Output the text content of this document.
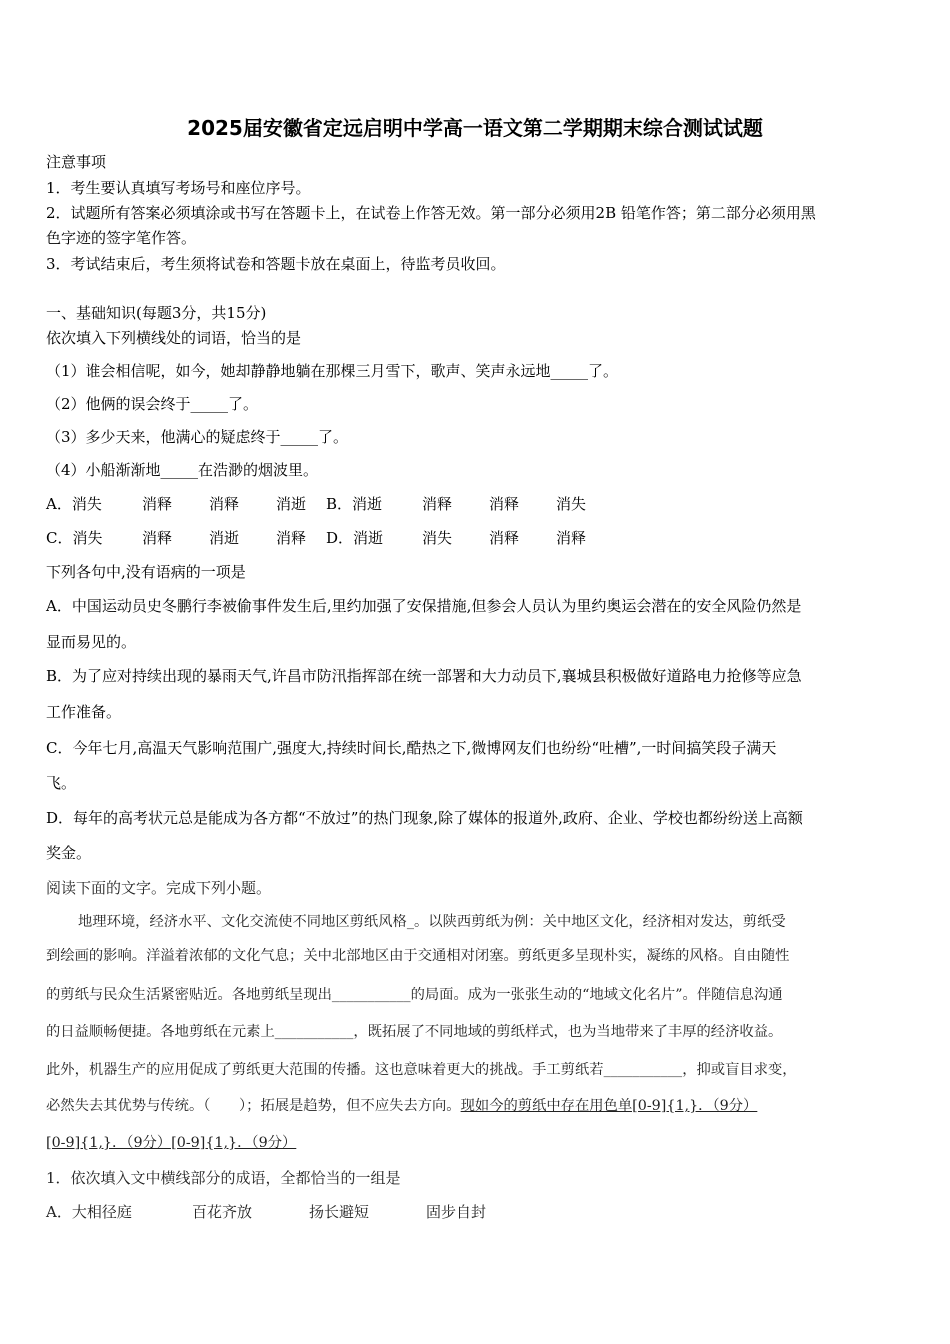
2025届安徽省定远启明中学高一语文第二学期期末综合测试试题
注意事项
1．考生要认真填写考场号和座位序号。
2．试题所有答案必须填涂或书写在答题卡上，在试卷上作答无效。第一部分必须用2B 铅笔作答；第二部分必须用黑
色字迹的签字笔作答。
3．考试结束后，考生须将试卷和答题卡放在桌面上，待监考员收回。
一、基础知识(每题3分，共15分)
依次填入下列横线处的词语，恰当的是
（1）谁会相信呢，如今，她却静静地躺在那棵三月雪下，歌声、笑声永远地_____了。
（2）他俩的误会终于_____了。
（3）多少天来，他满心的疑虑终于_____了。
（4）小船渐渐地_____在浩渺的烟波里。
A．消失	消释 消释 消逝 B．消逝	消释 消释 消失
C．消失	消释 消逝 消释 D．消逝	消失 消释 消释
下列各句中,没有语病的一项是
A．中国运动员史冬鹏行李被偷事件发生后,里约加强了安保措施,但参会人员认为里约奥运会潜在的安全风险仍然是
显而易见的。
B．为了应对持续出现的暴雨天气,许昌市防汛指挥部在统一部署和大力动员下,襄城县积极做好道路电力抢修等应急
工作准备。
C．今年七月,高温天气影响范围广,强度大,持续时间长,酷热之下,微博网友们也纷纷“吐槽”,一时间搞笑段子满天
飞。
D．每年的高考状元总是能成为各方都“不放过”的热门现象,除了媒体的报道外,政府、企业、学校也都纷纷送上高额
奖金。
阅读下面的文字。完成下列小题。
地理环境，经济水平、文化交流使不同地区剪纸风格_。以陕西剪纸为例：关中地区文化，经济相对发达，剪纸受
到绘画的影响。洋溢着浓郁的文化气息；关中北部地区由于交通相对闭塞。剪纸更多呈现朴实，凝练的风格。自由随性
的剪纸与民众生活紧密贴近。各地剪纸呈现出___________的局面。成为一张张生动的“地域文化名片”。伴随信息沟通
的日益顺畅便捷。各地剪纸在元素上___________，既拓展了不同地域的剪纸样式，也为当地带来了丰厚的经济收益。
此外，机器生产的应用促成了剪纸更大范围的传播。这也意味着更大的挑战。手工剪纸若___________，抑或盲目求变，
必然失去其优势与传统。（　　）；拓展是趋势，但不应失去方向。现如今的剪纸中存在用色单[0-9]{1,}．（9分）
[0-9]{1,}．（9分）[0-9]{1,}．（9分）
1．依次填入文中横线部分的成语，全都恰当的一组是
A．大相径庭	百花齐放	扬长避短	固步自封
